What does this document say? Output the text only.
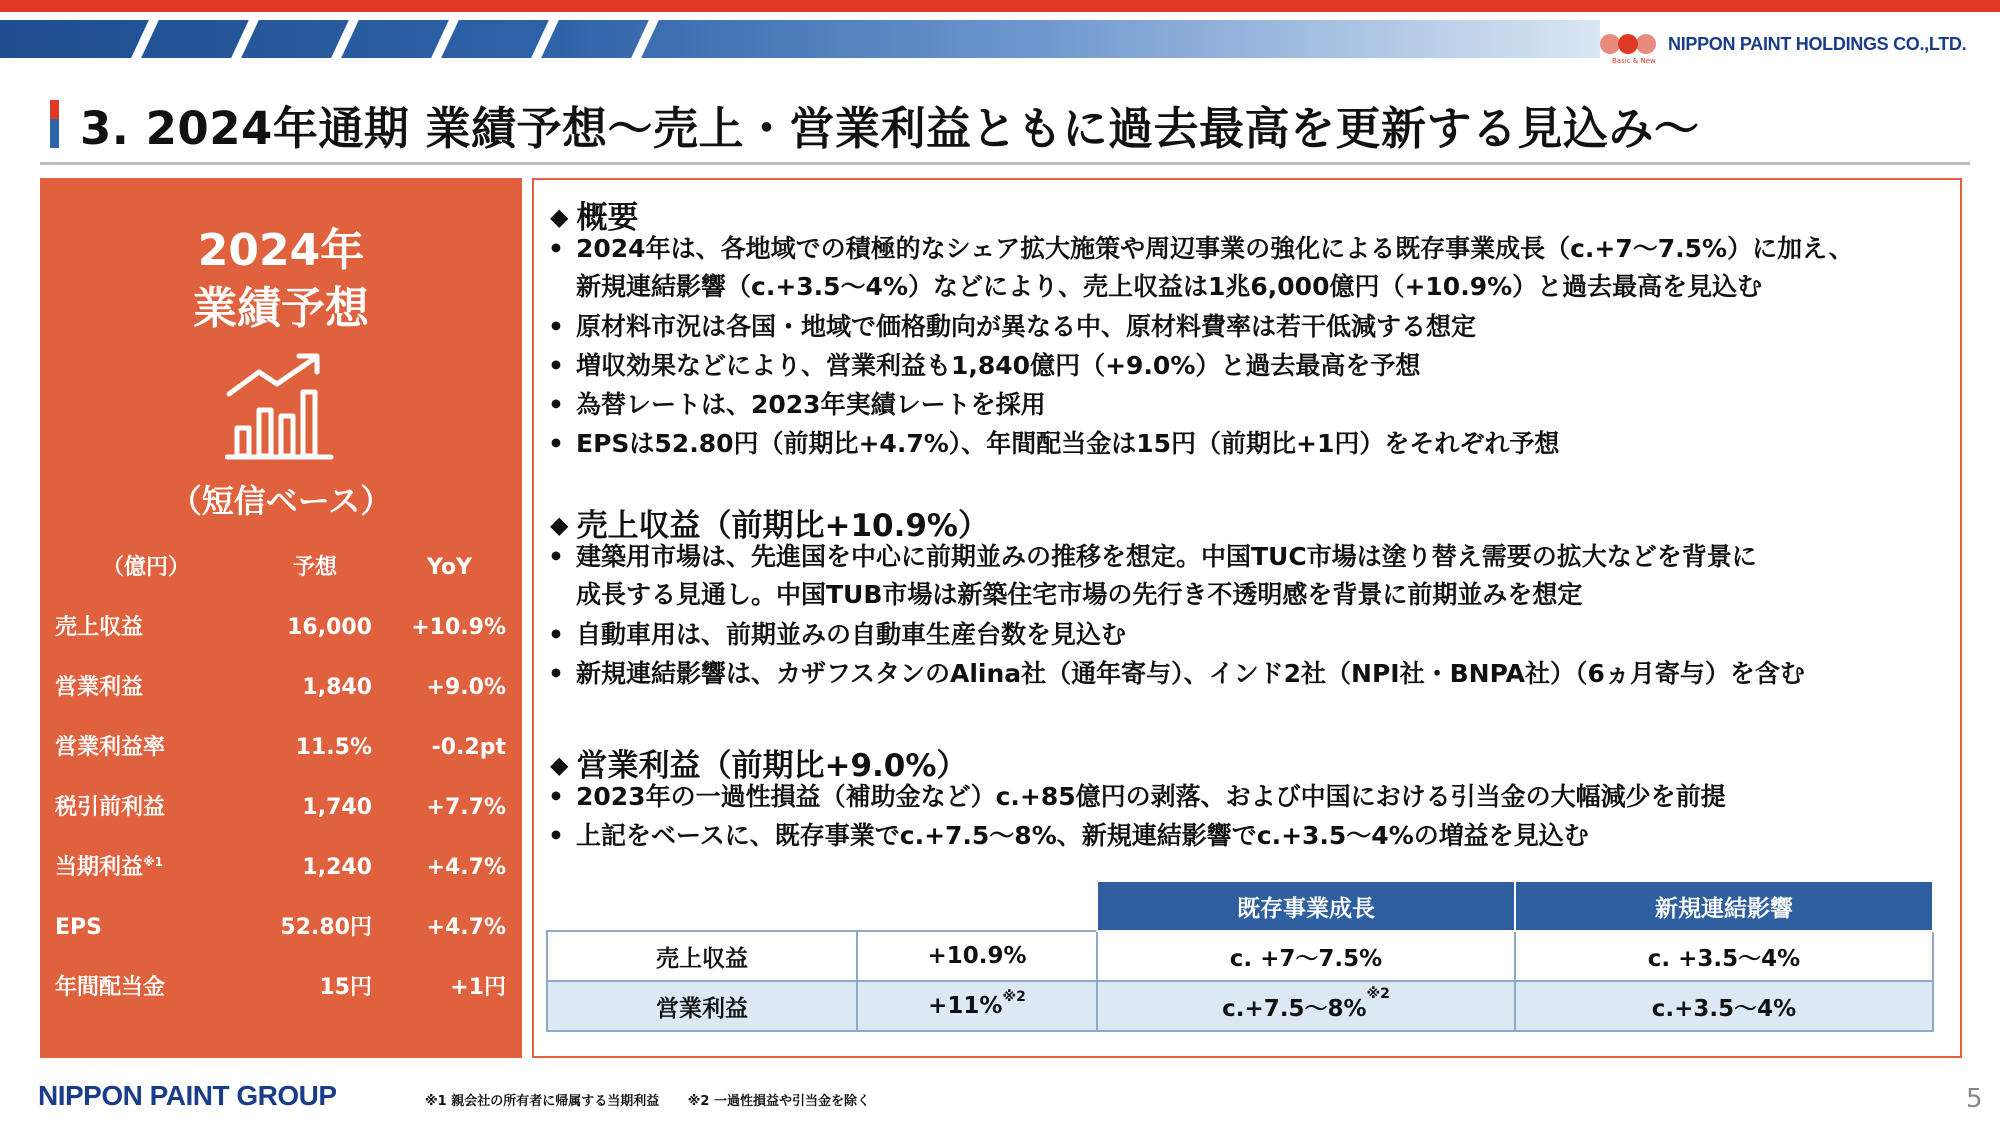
Basic & New
NIPPON PAINT HOLDINGS CO.,LTD.
3. 2024年通期 業績予想～売上・営業利益ともに過去最高を更新する見込み～
2024年
業績予想
（短信ベース）
（億円）	予想	YoY
売上収益	16,000 +10.9%
営業利益	1,840 +9.0%
営業利益率	11.5%	-0.2pt
税引前利益	1,740 +7.7%
当期利益$^{※1}$	1,240 +4.7%
EPS	52.80円 +4.7%
年間配当金	15円	+1円
◆ 概要
• 2024年は、各地域での積極的なシェア拡大施策や周辺事業の強化による既存事業成長（c.+7～7.5%）に加え、
新規連結影響（c.+3.5～4%）などにより、売上収益は1兆6,000億円（+10.9%）と過去最高を見込む
• 原材料市況は各国・地域で価格動向が異なる中、原材料費率は若干低減する想定
• 増収効果などにより、営業利益も1,840億円（+9.0%）と過去最高を予想
• 為替レートは、2023年実績レートを採用
• EPSは52.80円（前期比+4.7%）、年間配当金は15円（前期比+1円）をそれぞれ予想
◆ 売上収益（前期比+10.9%）
• 建築用市場は、先進国を中心に前期並みの推移を想定。中国TUC市場は塗り替え需要の拡大などを背景に
成長する見通し。中国TUB市場は新築住宅市場の先行き不透明感を背景に前期並みを想定
• 自動車用は、前期並みの自動車生産台数を見込む
• 新規連結影響は、カザフスタンのAlina社（通年寄与）、インド2社（NPI社・BNPA社）（6ヵ月寄与）を含む
◆ 営業利益（前期比+9.0%）
• 2023年の一過性損益（補助金など）c.+85億円の剥落、および中国における引当金の大幅減少を前提
• 上記をベースに、既存事業でc.+7.5～8%、新規連結影響でc.+3.5～4%の増益を見込む
		既存事業成長	新規連結影響
売上収益	+10.9%	c. +7～7.5%	c. +3.5～4%
営業利益	+11%$^{※2}$	c.+7.5～8%$^{※2}$	c.+3.5～4%
NIPPON PAINT GROUP	※1 親会社の所有者に帰属する当期利益 ※2 一過性損益や引当金を除く	5
